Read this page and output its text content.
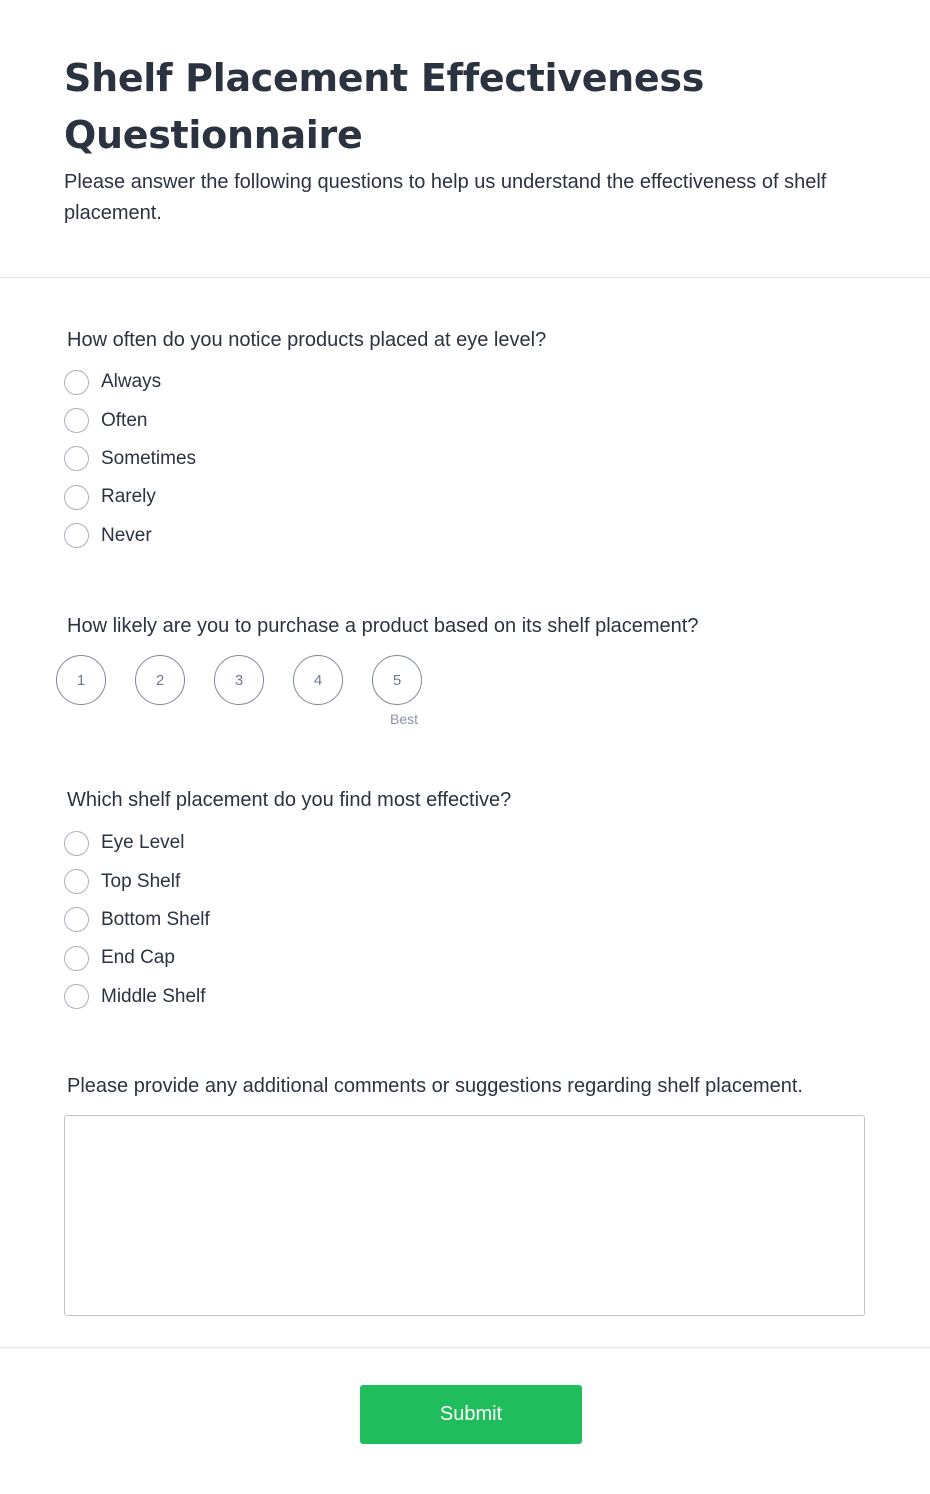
Shelf Placement Effectiveness Questionnaire

Please answer the following questions to help us understand the effectiveness of shelf placement.

How often do you notice products placed at eye level?
Always
Often
Sometimes
Rarely
Never
How likely are you to purchase a product based on its shelf placement?
1	2	3	4	5
Best
Which shelf placement do you find most effective?
Eye Level
Top Shelf
Bottom Shelf
End Cap
Middle Shelf
Please provide any additional comments or suggestions regarding shelf placement.
Submit
